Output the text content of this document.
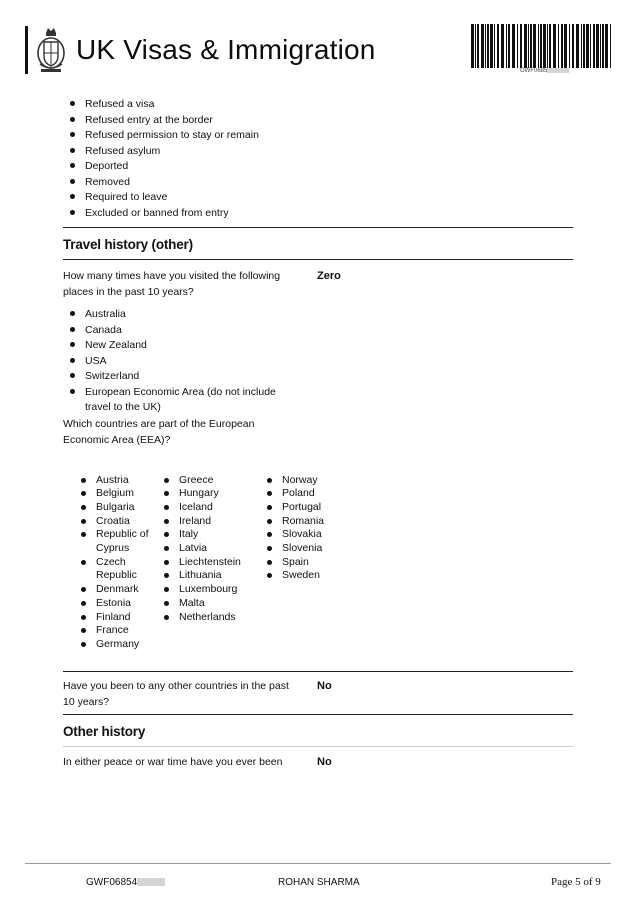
UK Visas & Immigration
GWF0685
Refused a visa
Refused entry at the border
Refused permission to stay or remain
Refused asylum
Deported
Removed
Required to leave
Excluded or banned from entry
Travel history (other)
How many times have you visited the following places in the past 10 years?
Zero
Australia
Canada
New Zealand
USA
Switzerland
European Economic Area (do not include travel to the UK)
Which countries are part of the European Economic Area (EEA)?
Austria
Belgium
Bulgaria
Croatia
Republic of Cyprus
Czech Republic
Denmark
Estonia
Finland
France
Germany
Greece
Hungary
Iceland
Ireland
Italy
Latvia
Liechtenstein
Lithuania
Luxembourg
Malta
Netherlands
Norway
Poland
Portugal
Romania
Slovakia
Slovenia
Spain
Sweden
Have you been to any other countries in the past 10 years?
No
Other history
In either peace or war time have you ever been	No
GWF06854	ROHAN SHARMA	Page 5 of 9
